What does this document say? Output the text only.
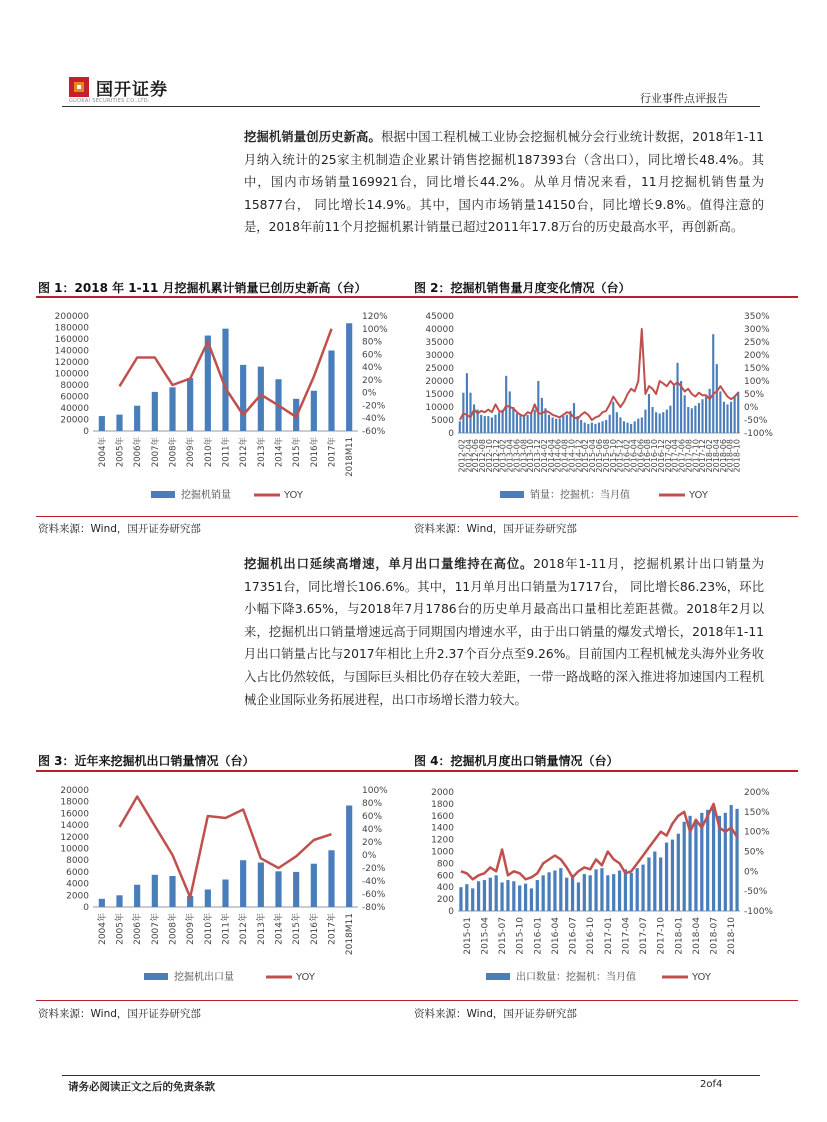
国开证券
GUOKAI SECURITIES CO.,LTD.	行业事件点评报告
挖掘机销量创历史新高。根据中国工程机械工业协会挖掘机械分会行业统计数据，2018年1-11月纳入统计的25家主机制造企业累计销售挖掘机187393台（含出口），同比增长48.4%。其中，国内市场销量169921台，同比增长44.2%。从单月情况来看，11月挖掘机销售量为15877台， 同比增长14.9%。其中，国内市场销量14150台，同比增长9.8%。值得注意的是，2018年前11个月挖掘机累计销量已超过2011年17.8万台的历史最高水平，再创新高。
图 1：2018 年 1-11 月挖掘机累计销量已创历史新高（台）	图 2：挖掘机销售量月度变化情况（台）
0
20000
40000
60000
80000
100000
120000
140000
160000
180000
200000
-60%
-40%
-20%
0%
20%
40%
60%
80%
100%
120%
2004年 2005年 2006年 2007年 2008年 2009年 2010年 2011年 2012年 2013年 2014年 2015年 2016年 2017年 2018M11
挖掘机销量	YOY
0
5000
10000
15000
20000
25000
30000
35000
40000
45000
-100%
-50%
0%
50%
100%
150%
200%
250%
300%
350%
2012-02
2012-04
2012-06
2012-08
2012-10
2012-12
2013-02
2013-04
2013-06
2013-08
2013-10
2013-12
2014-02
2014-04
2014-06
2014-08
2014-10
2014-12
2015-02
2015-04
2015-06
2015-08
2015-10
2015-12
2016-02
2016-04
2016-06
2016-08
2016-10
2016-12
2017-02
2017-04
2017-06
2017-08
2017-10
2017-12
2018-02
2018-04
2018-06
2018-08
2018-10
销量：挖掘机：当月值	YOY
资料来源：Wind，国开证券研究部	资料来源：Wind，国开证券研究部
挖掘机出口延续高增速，单月出口量维持在高位。2018年1-11月，挖掘机累计出口销量为17351台，同比增长106.6%。其中，11月单月出口销量为1717台， 同比增长86.23%，环比小幅下降3.65%，与2018年7月1786台的历史单月最高出口量相比差距甚微。2018年2月以来，挖掘机出口销量增速远高于同期国内增速水平，由于出口销量的爆发式增长，2018年1-11月出口销量占比与2017年相比上升2.37个百分点至9.26%。目前国内工程机械龙头海外业务收入占比仍然较低，与国际巨头相比仍存在较大差距，一带一路战略的深入推进将加速国内工程机械企业国际业务拓展进程，出口市场增长潜力较大。
图 3：近年来挖掘机出口销量情况（台）	图 4：挖掘机月度出口销量情况（台）
0
2000
4000
6000
8000
10000
12000
14000
16000
18000
20000
-80%
-60%
-40%
-20%
0%
20%
40%
60%
80%
100%
2004年 2005年 2006年 2007年 2008年 2009年 2010年 2011年 2012年 2013年 2014年 2015年 2016年 2017年 2018M11
挖掘机出口量	YOY
0
200
400
600
800
1000
1200
1400
1600
1800
2000
-100%
-50%
0%
50%
100%
150%
200%
2015-01 2015-04 2015-07 2015-10 2016-01 2016-04 2016-07 2016-10 2017-01 2017-04 2017-07 2017-10 2018-01 2018-04 2018-07 2018-10
出口数量：挖掘机：当月值	YOY
资料来源：Wind，国开证券研究部	资料来源：Wind，国开证券研究部
请务必阅读正文之后的免责条款	2of4
